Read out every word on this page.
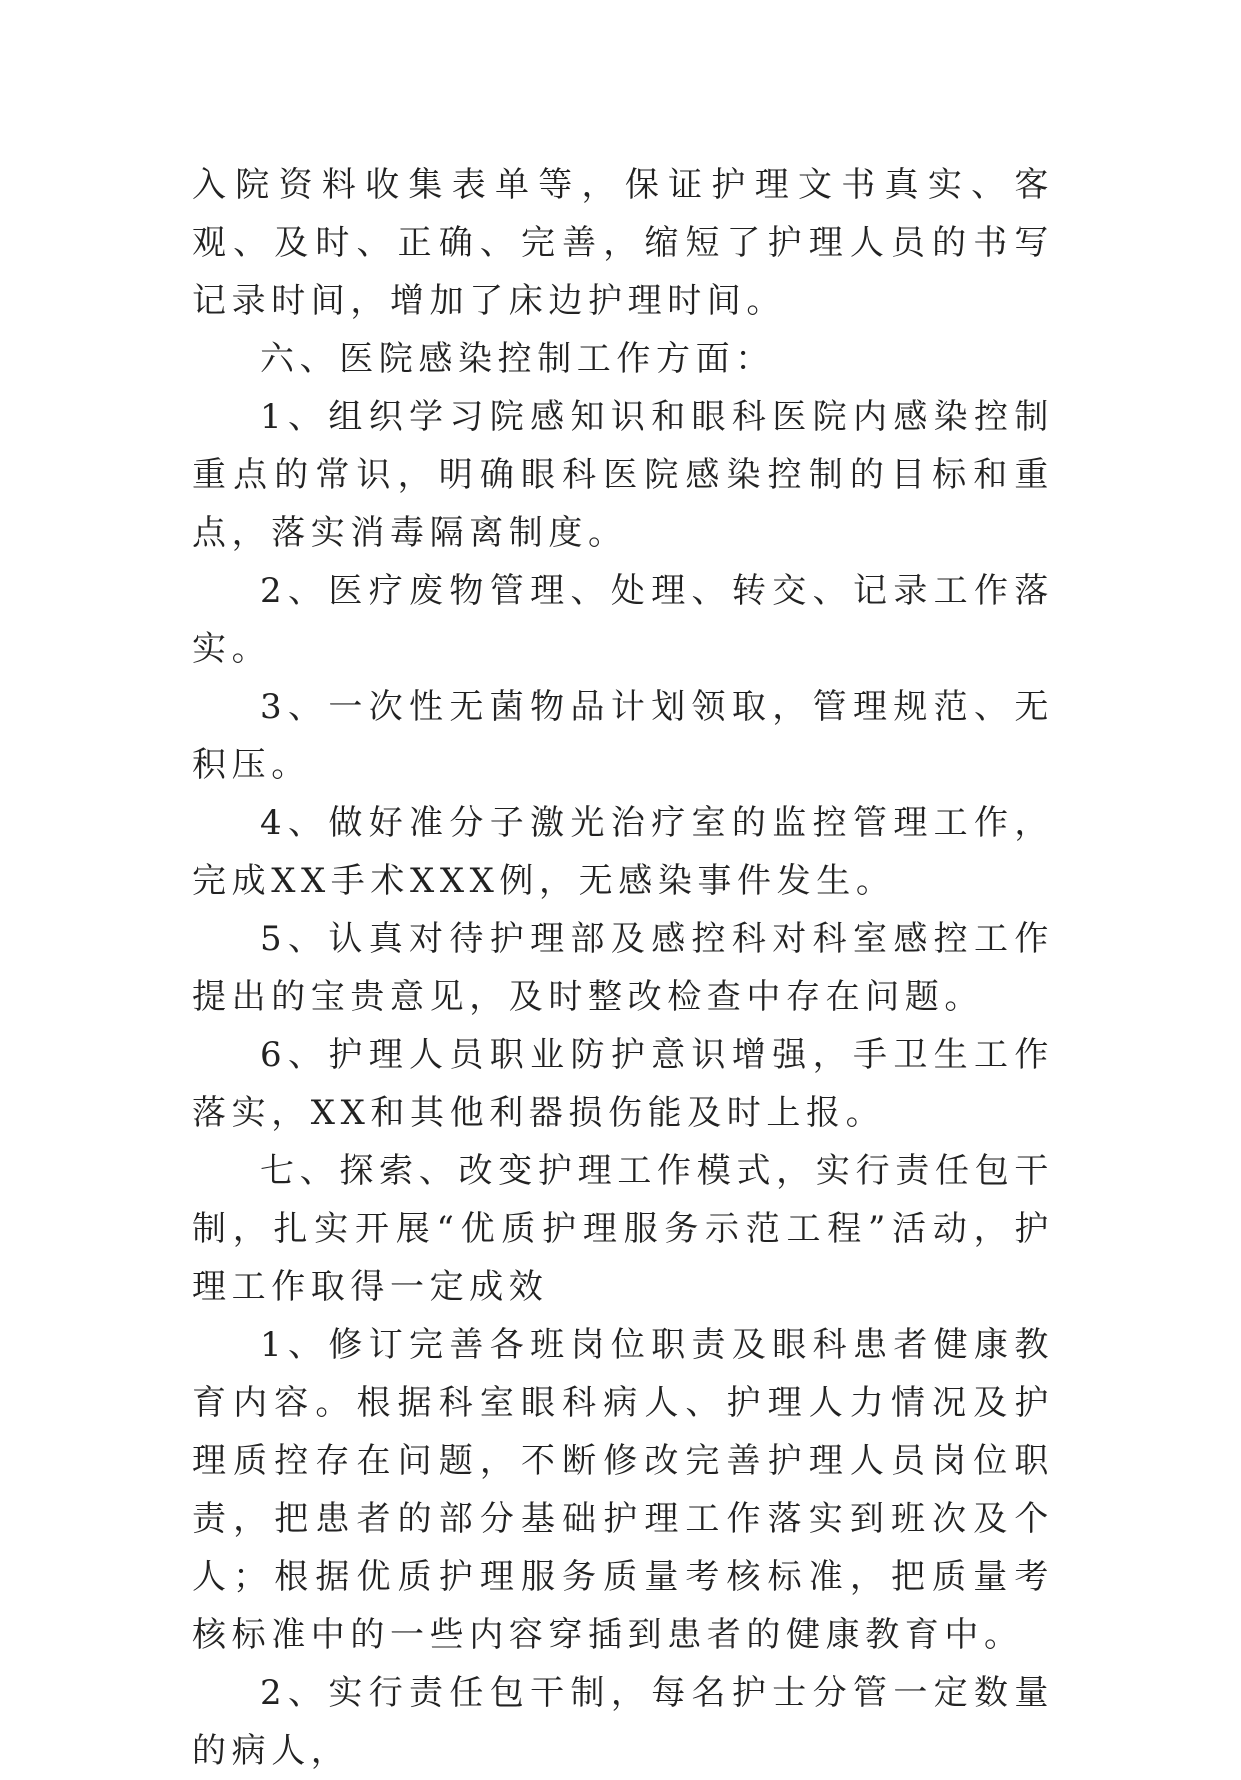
入院资料收集表单等，保证护理文书真实、客观、及时、正确、完善，缩短了护理人员的书写记录时间，增加了床边护理时间。

六、医院感染控制工作方面：

1、组织学习院感知识和眼科医院内感染控制重点的常识，明确眼科医院感染控制的目标和重点，落实消毒隔离制度。

2、医疗废物管理、处理、转交、记录工作落实。

3、一次性无菌物品计划领取，管理规范、无积压。

4、做好准分子激光治疗室的监控管理工作，完成XX手术XXX例，无感染事件发生。

5、认真对待护理部及感控科对科室感控工作提出的宝贵意见，及时整改检查中存在问题。

6、护理人员职业防护意识增强，手卫生工作落实，XX和其他利器损伤能及时上报。

七、探索、改变护理工作模式，实行责任包干制，扎实开展“优质护理服务示范工程”活动，护理工作取得一定成效

1、修订完善各班岗位职责及眼科患者健康教育内容。根据科室眼科病人、护理人力情况及护理质控存在问题，不断修改完善护理人员岗位职责，把患者的部分基础护理工作落实到班次及个人；根据优质护理服务质量考核标准，把质量考核标准中的一些内容穿插到患者的健康教育中。

2、实行责任包干制，每名护士分管一定数量的病人，
